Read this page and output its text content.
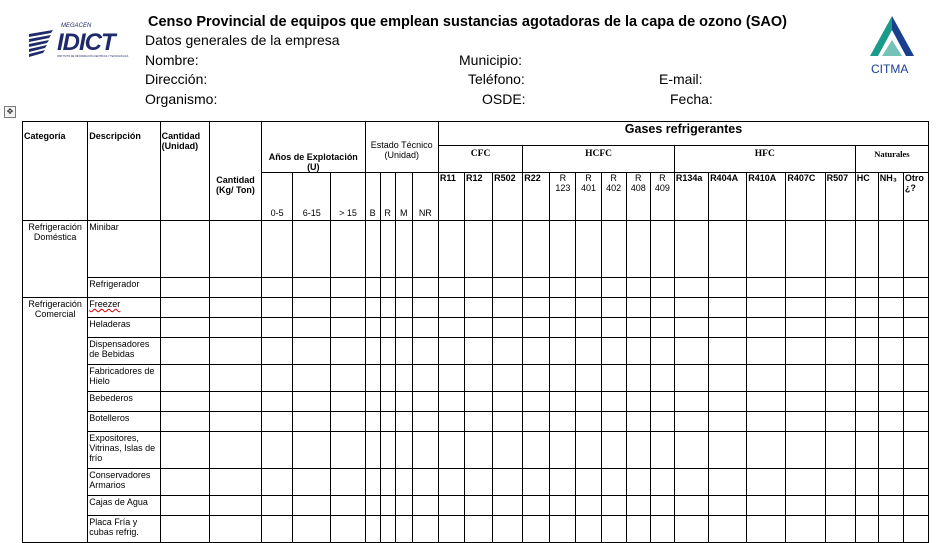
Censo Provincial de equipos que emplean sustancias agotadoras de la capa de ozono (SAO)
Datos generales de la empresa
Nombre:	Municipio:
Dirección:	Teléfono:	E-mail:
Organismo:	OSDE:	Fecha:
MEGACEN
IDICT
INSTITUTO DE INFORMACIÓN CIENTÍFICA Y TECNOLÓGICA
CITMA
✥
Categoría	Descripción	Cantidad (Unidad)	Cantidad (Kg/ Ton)	Años de Explotación (U)			Estado Técnico (Unidad)				Gases refrigerantes																	
											CFC			HCFC						HFC					Naturales			
				0-5	6-15	> 15	B	R	M	NR	R11	R12	R502	R22	R 123	R 401	R 402	R 408	R 409	R134a	R404A	R410A	R407C	R507	HC	NH₃	Otro ¿?	
Refrigeración Doméstica	Minibar																											
	Refrigerador																											
Refrigeración Comercial	Freezer																											
	Heladeras																											
	Dispensadores de Bebidas																											
	Fabricadores de Hielo																											
	Bebederos																											
	Botelleros																											
	Expositores, Vitrinas, Islas de frío																											
	Conservadores Armarios																											
	Cajas de Agua																											
	Placa Fría y cubas refrig.																											
